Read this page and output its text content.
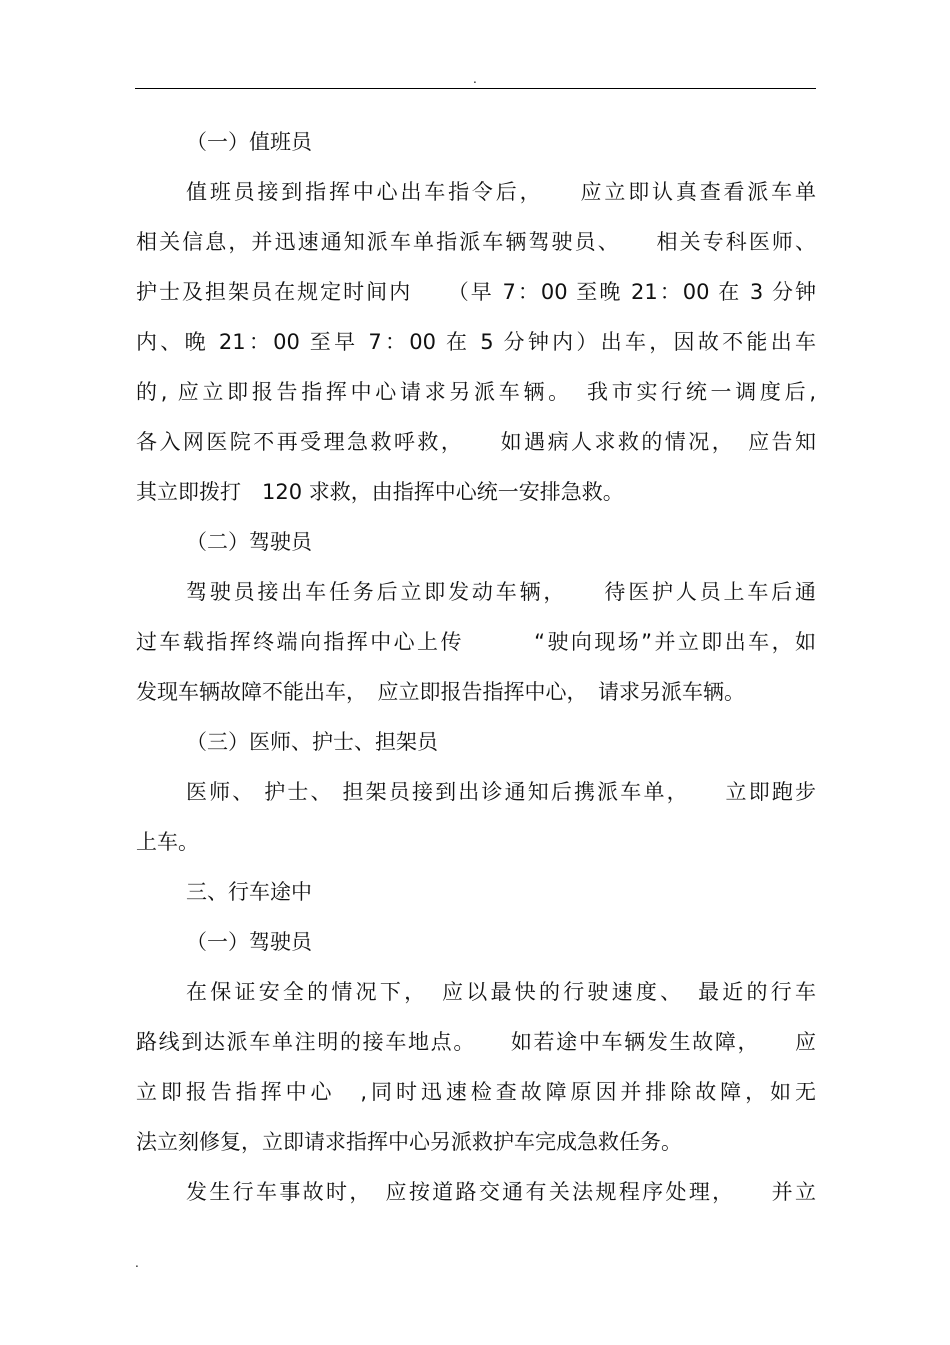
.
（一）值班员
值班员接到指挥中心出车指令后，　　应立即认真查看派车单
相关信息，并迅速通知派车单指派车辆驾驶员、　　相关专科医师、
护士及担架员在规定时间内　　（早 7：00 至晚 21：00 在 3 分钟
内、晚 21：00 至早 7：00 在 5 分钟内）出车，因故不能出车
的, 应立即报告指挥中心请求另派车辆。　我市实行统一调度后,
各入网医院不再受理急救呼救，　　如遇病人求救的情况，　应告知
其立即拨打　120 求救，由指挥中心统一安排急救。
（二）驾驶员
驾驶员接出车任务后立即发动车辆，　　待医护人员上车后通
过车载指挥终端向指挥中心上传　　　“驶向现场”并立即出车，如
发现车辆故障不能出车，　应立即报告指挥中心，　请求另派车辆。
（三）医师、护士、担架员
医师、 护士、 担架员接到出诊通知后携派车单，　　立即跑步
上车。
三、行车途中
（一）驾驶员
在保证安全的情况下，　应以最快的行驶速度、　最近的行车
路线到达派车单注明的接车地点。　　如若途中车辆发生故障，　　应
立即报告指挥中心　,同时迅速检查故障原因并排除故障，如无
法立刻修复，立即请求指挥中心另派救护车完成急救任务。
发生行车事故时，　应按道路交通有关法规程序处理，　　并立
.
